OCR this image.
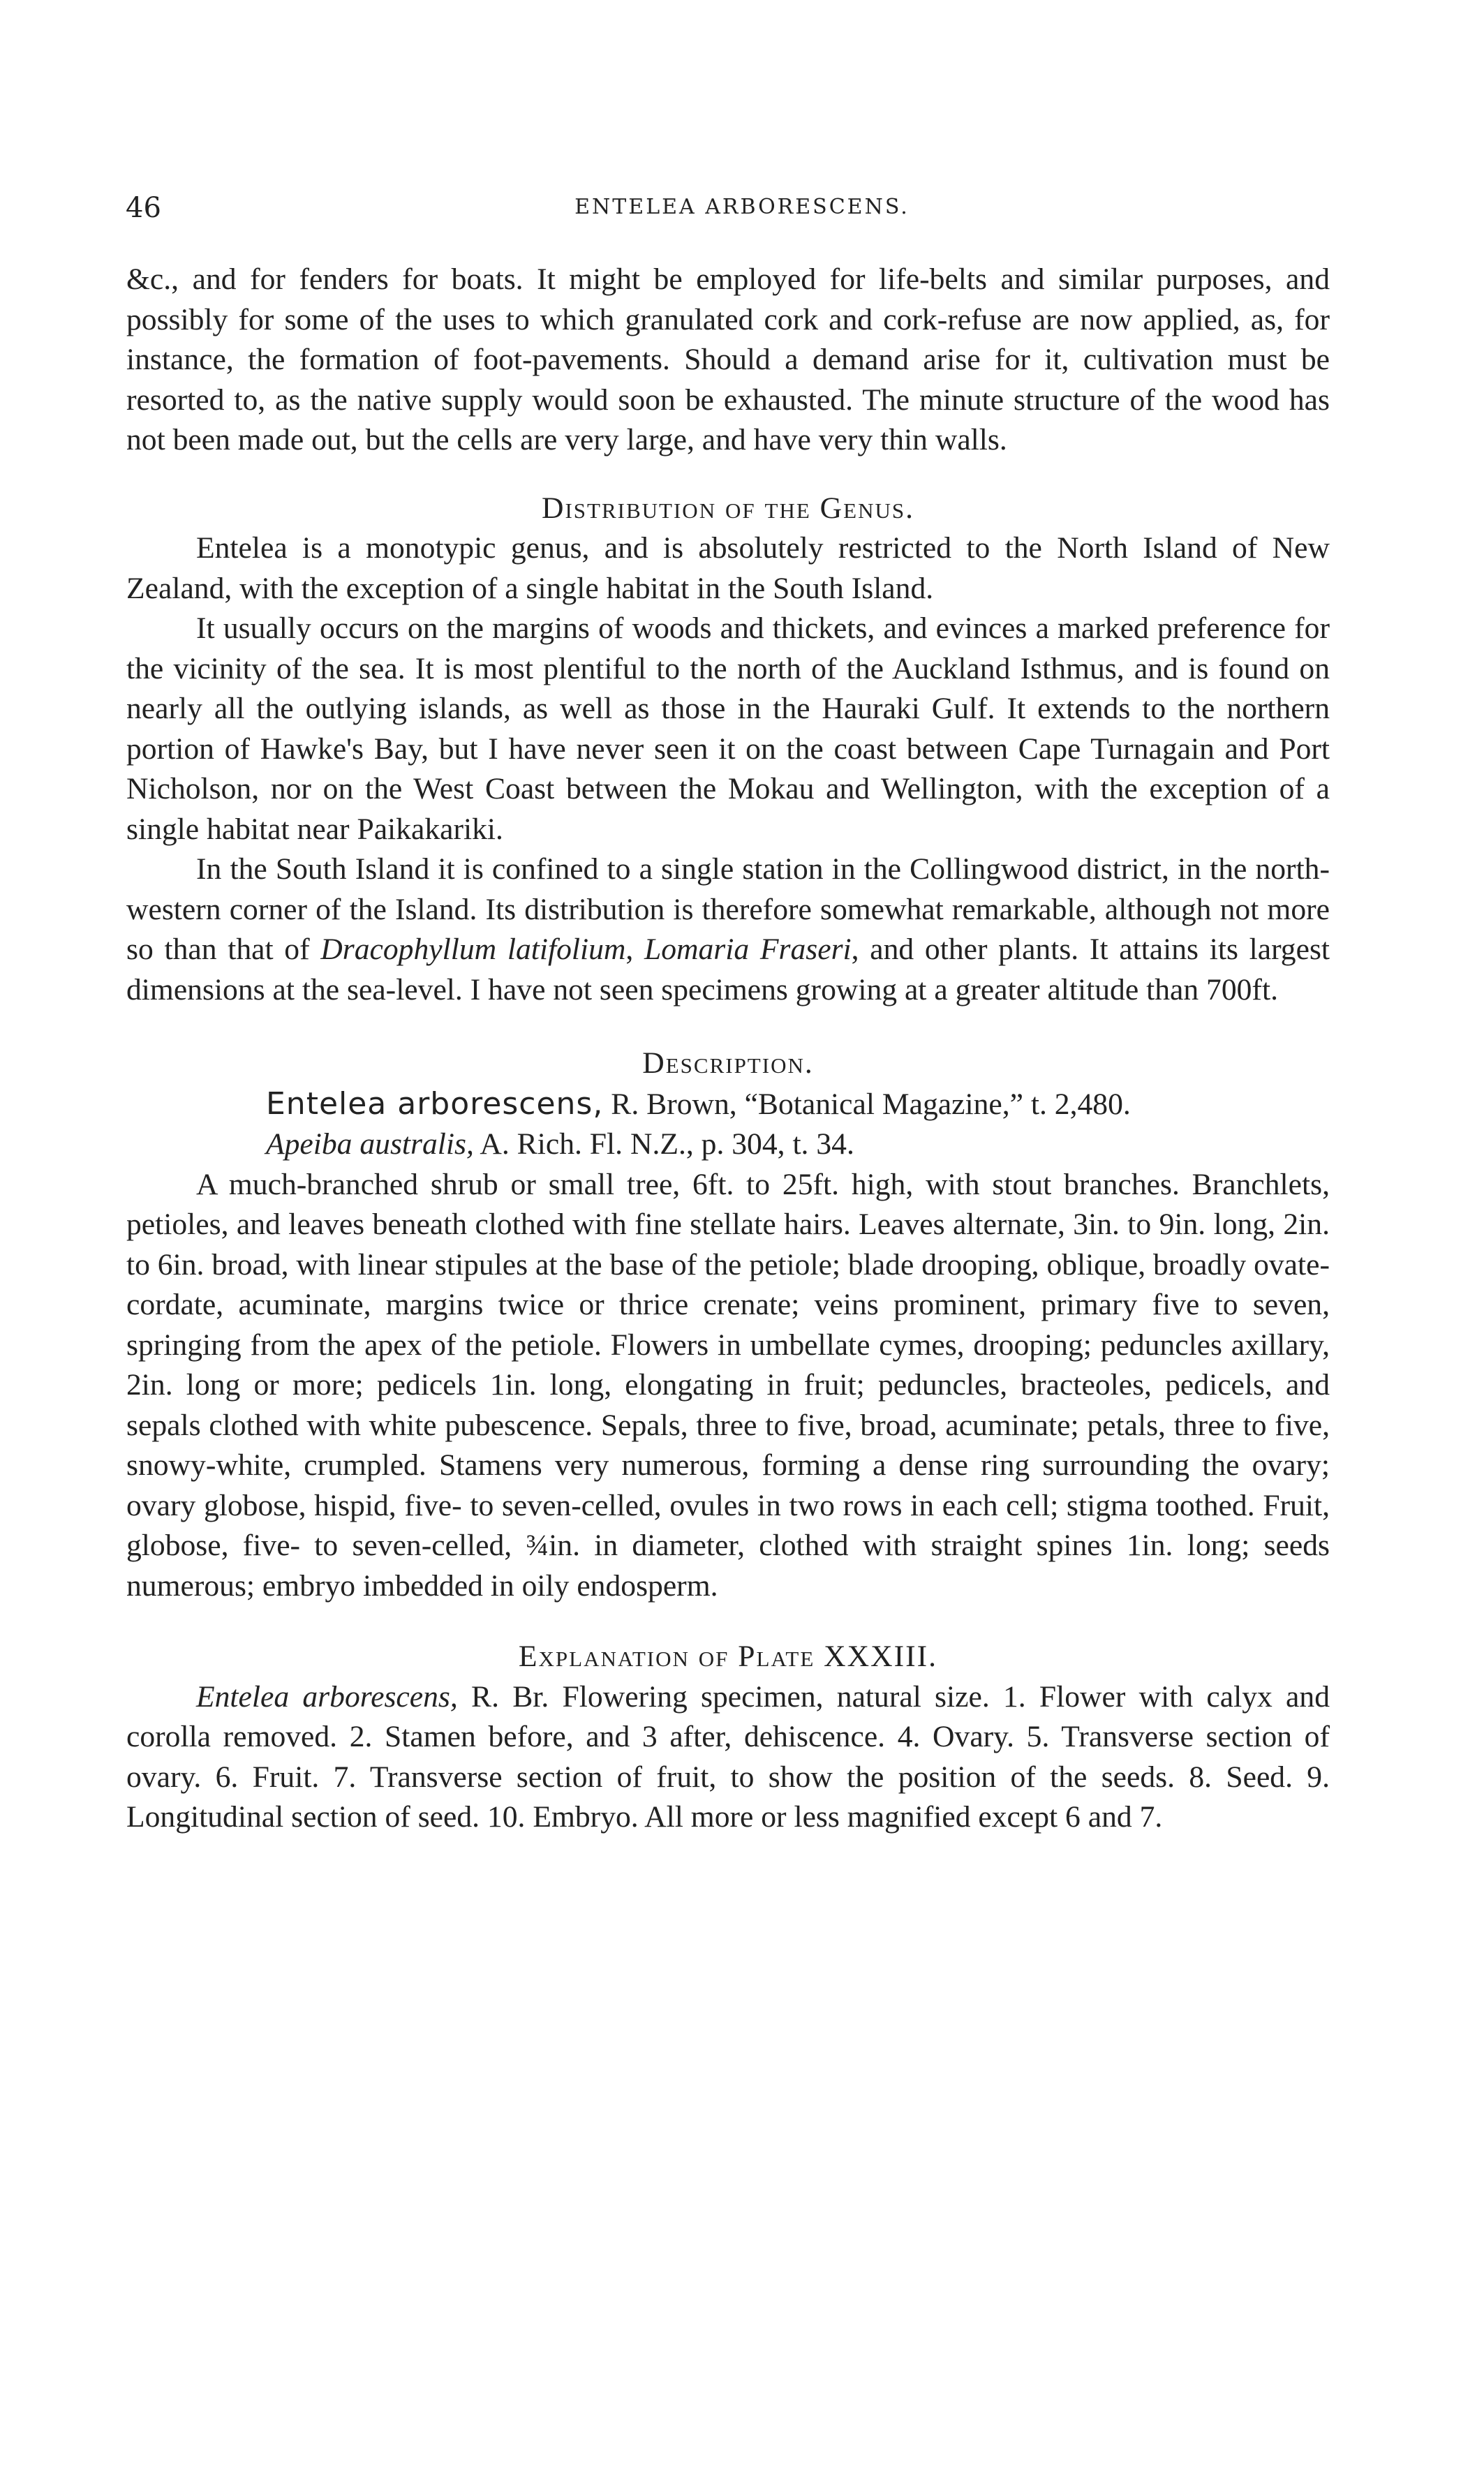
46	ENTELEA ARBORESCENS.

&c., and for fenders for boats. It might be employed for life-belts and similar purposes, and possibly for some of the uses to which granulated cork and cork-refuse are now applied, as, for instance, the formation of foot-pavements. Should a demand arise for it, cultivation must be resorted to, as the native supply would soon be exhausted. The minute structure of the wood has not been made out, but the cells are very large, and have very thin walls.

Distribution of the Genus.

Entelea is a monotypic genus, and is absolutely restricted to the North Island of New Zealand, with the exception of a single habitat in the South Island.

It usually occurs on the margins of woods and thickets, and evinces a marked preference for the vicinity of the sea. It is most plentiful to the north of the Auckland Isthmus, and is found on nearly all the outlying islands, as well as those in the Hauraki Gulf. It extends to the northern portion of Hawke's Bay, but I have never seen it on the coast between Cape Turnagain and Port Nicholson, nor on the West Coast between the Mokau and Wellington, with the exception of a single habitat near Paikakariki.

In the South Island it is confined to a single station in the Collingwood district, in the north-western corner of the Island. Its distribution is therefore somewhat remarkable, although not more so than that of Dracophyllum latifolium, Lomaria Fraseri, and other plants. It attains its largest dimensions at the sea-level. I have not seen specimens growing at a greater altitude than 700ft.

Description.

Entelea arborescens, R. Brown, “Botanical Magazine,” t. 2,480.

Apeiba australis, A. Rich. Fl. N.Z., p. 304, t. 34.

A much-branched shrub or small tree, 6ft. to 25ft. high, with stout branches. Branchlets, petioles, and leaves beneath clothed with fine stellate hairs. Leaves alternate, 3in. to 9in. long, 2in. to 6in. broad, with linear stipules at the base of the petiole; blade drooping, oblique, broadly ovate-cordate, acuminate, margins twice or thrice crenate; veins prominent, primary five to seven, springing from the apex of the petiole. Flowers in umbellate cymes, drooping; peduncles axillary, 2in. long or more; pedicels 1in. long, elongating in fruit; peduncles, bracteoles, pedicels, and sepals clothed with white pubescence. Sepals, three to five, broad, acuminate; petals, three to five, snowy-white, crumpled. Stamens very numerous, forming a dense ring surrounding the ovary; ovary globose, hispid, five- to seven-celled, ovules in two rows in each cell; stigma toothed. Fruit, globose, five- to seven-celled, ¾in. in diameter, clothed with straight spines 1in. long; seeds numerous; embryo imbedded in oily endosperm.

Explanation of Plate XXXIII.

Entelea arborescens, R. Br. Flowering specimen, natural size. 1. Flower with calyx and corolla removed. 2. Stamen before, and 3 after, dehiscence. 4. Ovary. 5. Transverse section of ovary. 6. Fruit. 7. Transverse section of fruit, to show the position of the seeds. 8. Seed. 9. Longitudinal section of seed. 10. Embryo. All more or less magnified except 6 and 7.
